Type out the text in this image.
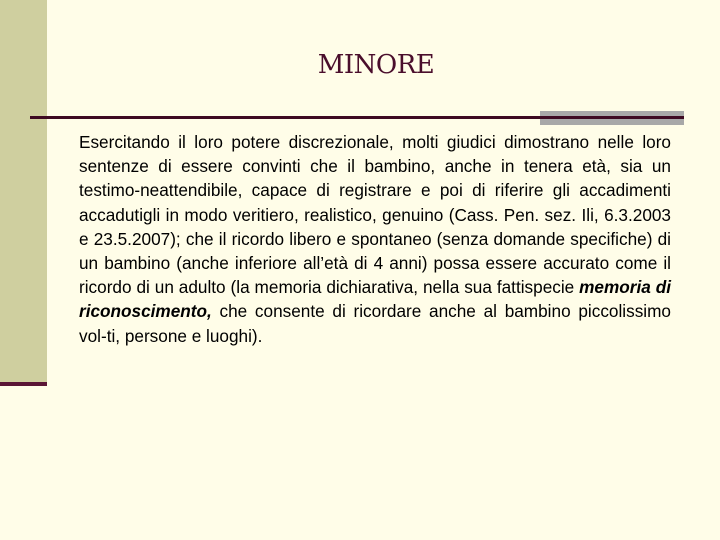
MINORE

Esercitando il loro potere discrezionale, molti giudici dimostrano nelle loro sentenze di essere convinti che il bambino, anche in tenera età, sia un testimo-neattendibile, capace di registrare e poi di riferire gli accadimenti accadutigli in modo veritiero, realistico, genuino (Cass. Pen. sez. Ili, 6.3.2003 e 23.5.2007); che il ricordo libero e spontaneo (senza domande specifiche) di un bambino (anche inferiore all’età di 4 anni) possa essere accurato come il ricordo di un adulto (la memoria dichiarativa, nella sua fattispecie memoria di riconoscimento, che consente di ricordare anche al bambino piccolissimo vol-ti, persone e luoghi).
